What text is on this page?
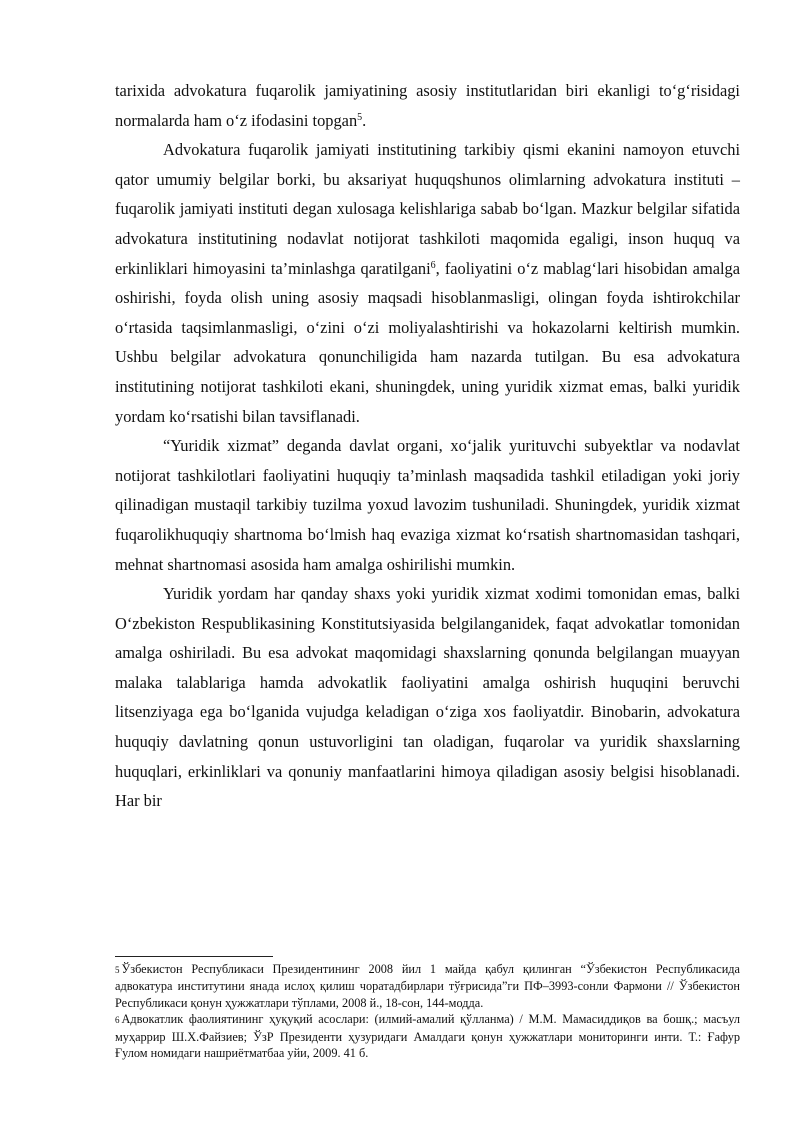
tarixida advokatura fuqarolik jamiyatining asosiy institutlaridan biri ekanligi to‘g‘risidagi normalarda ham o‘z ifodasini topgan$^5$.

Advokatura fuqarolik jamiyati institutining tarkibiy qismi ekanini namoyon etuvchi qator umumiy belgilar borki, bu aksariyat huquqshunos olimlarning advokatura instituti – fuqarolik jamiyati instituti degan xulosaga kelishlariga sabab bo‘lgan. Mazkur belgilar sifatida advokatura institutining nodavlat notijorat tashkiloti maqomida egaligi, inson huquq va erkinliklari himoyasini ta’minlashga qaratilgani$^6$, faoliyatini o‘z mablag‘lari hisobidan amalga oshirishi, foyda olish uning asosiy maqsadi hisoblanmasligi, olingan foyda ishtirokchilar o‘rtasida taqsimlanmasligi, o‘zini o‘zi moliyalashtirishi va hokazolarni keltirish mumkin. Ushbu belgilar advokatura qonunchiligida ham nazarda tutilgan. Bu esa advokatura institutining notijorat tashkiloti ekani, shuningdek, uning yuridik xizmat emas, balki yuridik yordam ko‘rsatishi bilan tavsiflanadi.

“Yuridik xizmat” deganda davlat organi, xo‘jalik yurituvchi subyektlar va nodavlat notijorat tashkilotlari faoliyatini huquqiy ta’minlash maqsadida tashkil etiladigan yoki joriy qilinadigan mustaqil tarkibiy tuzilma yoxud lavozim tushuniladi. Shuningdek, yuridik xizmat fuqarolikhuquqiy shartnoma bo‘lmish haq evaziga xizmat ko‘rsatish shartnomasidan tashqari, mehnat shartnomasi asosida ham amalga oshirilishi mumkin.

Yuridik yordam har qanday shaxs yoki yuridik xizmat xodimi tomonidan emas, balki O‘zbekiston Respublikasining Konstitutsiyasida belgilanganidek, faqat advokatlar tomonidan amalga oshiriladi. Bu esa advokat maqomidagi shaxslarning qonunda belgilangan muayyan malaka talablariga hamda advokatlik faoliyatini amalga oshirish huquqini beruvchi litsenziyaga ega bo‘lganida vujudga keladigan o‘ziga xos faoliyatdir. Binobarin, advokatura huquqiy davlatning qonun ustuvorligini tan oladigan, fuqarolar va yuridik shaxslarning huquqlari, erkinliklari va qonuniy manfaatlarini himoya qiladigan asosiy belgisi hisoblanadi. Har bir

5 Ўзбекистон Республикаси Президентининг 2008 йил 1 майда қабул қилинган “Ўзбекистон Республикасида адвокатура институтини янада ислоҳ қилиш чоратадбирлари тўғрисида”ги ПФ–3993-сонли Фармони // Ўзбекистон Республикаси қонун ҳужжатлари тўплами, 2008 й., 18-сон, 144-модда.

6 Адвокатлик фаолиятининг ҳуқуқий асослари: (илмий-амалий қўлланма) / М.М. Мамасиддиқов ва бошқ.; масъул муҳаррир Ш.Х.Файзиев; ЎзР Президенти ҳузуридаги Амалдаги қонун ҳужжатлари мониторинги инти. Т.: Ғафур Ғулом номидаги нашриётматбаа уйи, 2009. 41 б.
